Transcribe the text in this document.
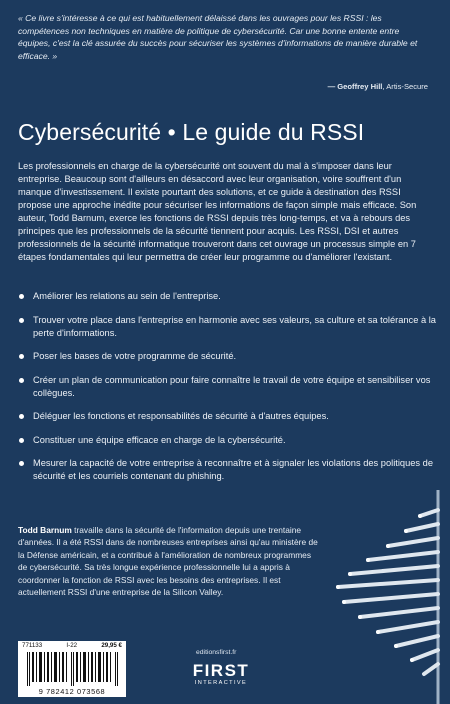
« Ce livre s'intéresse à ce qui est habituellement délaissé dans les ouvrages pour les RSSI : les compétences non techniques en matière de politique de cybersécurité. Car une bonne entente entre équipes, c'est la clé assurée du succès pour sécuriser les systèmes d'informations de manière durable et efficace. »
— Geoffrey Hill, Artis-Secure
Cybersécurité • Le guide du RSSI
Les professionnels en charge de la cybersécurité ont souvent du mal à s'imposer dans leur entreprise. Beaucoup sont d'ailleurs en désaccord avec leur organisation, voire souffrent d'un manque d'investissement. Il existe pourtant des solutions, et ce guide à destination des RSSI propose une approche inédite pour sécuriser les informations de façon simple mais efficace. Son auteur, Todd Barnum, exerce les fonctions de RSSI depuis très long-temps, et va à rebours des principes que les professionnels de la sécurité tiennent pour acquis. Les RSSI, DSI et autres professionnels de la sécurité informatique trouveront dans cet ouvrage un processus simple en 7 étapes fondamentales qui leur permettra de créer leur programme ou d'améliorer l'existant.
Améliorer les relations au sein de l'entreprise.
Trouver votre place dans l'entreprise en harmonie avec ses valeurs, sa culture et sa tolérance à la perte d'informations.
Poser les bases de votre programme de sécurité.
Créer un plan de communication pour faire connaître le travail de votre équipe et sensibiliser vos collègues.
Déléguer les fonctions et responsabilités de sécurité à d'autres équipes.
Constituer une équipe efficace en charge de la cybersécurité.
Mesurer la capacité de votre entreprise à reconnaître et à signaler les violations des politiques de sécurité et les courriels contenant du phishing.
Todd Barnum travaille dans la sécurité de l'information depuis une trentaine d'années. Il a été RSSI dans de nombreuses entreprises ainsi qu'au ministère de la Défense américain, et a contribué à l'amélioration de nombreux programmes de cybersécurité. Sa très longue expérience professionnelle lui a appris à coordonner la fonction de RSSI avec les besoins des entreprises. Il est actuellement RSSI d'une entreprise de la Silicon Valley.
771133	I-22	29,95 €
9 782412 073568
editionsfirst.fr
FIRST
INTERACTIVE
